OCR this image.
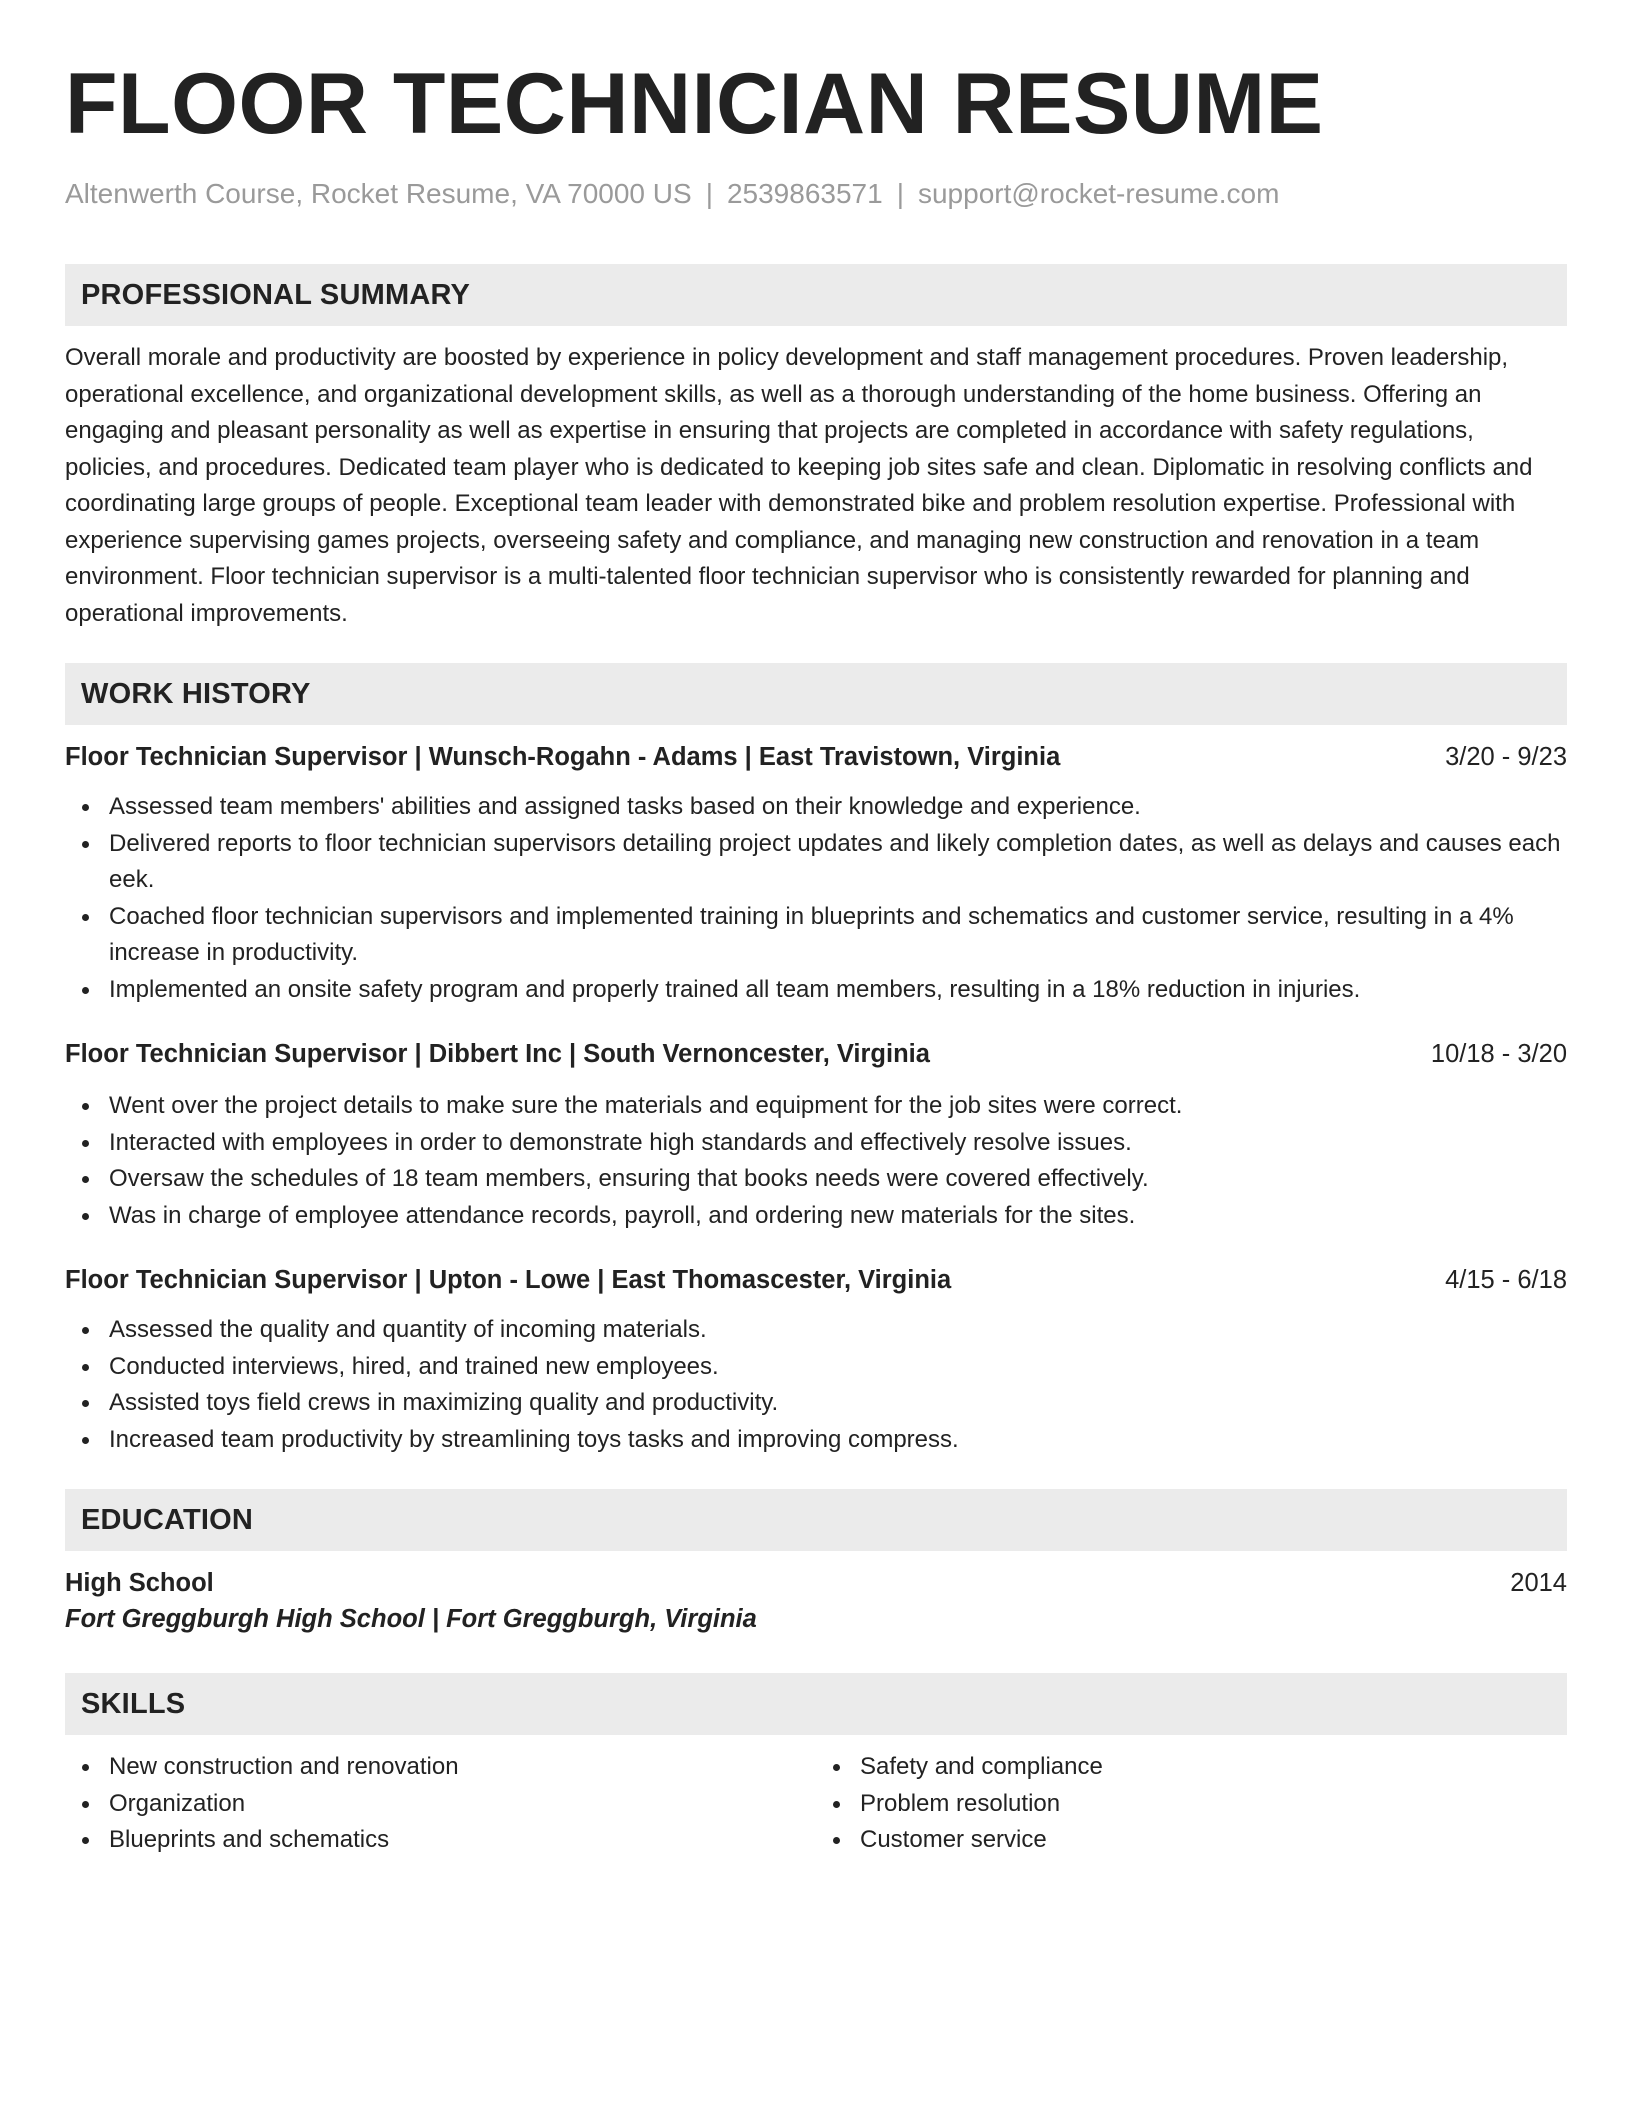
FLOOR TECHNICIAN RESUME
Altenwerth Course, Rocket Resume, VA 70000 US | 2539863571 | support@rocket-resume.com
PROFESSIONAL SUMMARY
Overall morale and productivity are boosted by experience in policy development and staff management procedures. Proven leadership, operational excellence, and organizational development skills, as well as a thorough understanding of the home business. Offering an engaging and pleasant personality as well as expertise in ensuring that projects are completed in accordance with safety regulations, policies, and procedures. Dedicated team player who is dedicated to keeping job sites safe and clean. Diplomatic in resolving conflicts and coordinating large groups of people. Exceptional team leader with demonstrated bike and problem resolution expertise. Professional with experience supervising games projects, overseeing safety and compliance, and managing new construction and renovation in a team environment. Floor technician supervisor is a multi-talented floor technician supervisor who is consistently rewarded for planning and operational improvements.
WORK HISTORY
Floor Technician Supervisor | Wunsch-Rogahn - Adams | East Travistown, Virginia	3/20 - 9/23
Assessed team members' abilities and assigned tasks based on their knowledge and experience.
Delivered reports to floor technician supervisors detailing project updates and likely completion dates, as well as delays and causes each eek.
Coached floor technician supervisors and implemented training in blueprints and schematics and customer service, resulting in a 4% increase in productivity.
Implemented an onsite safety program and properly trained all team members, resulting in a 18% reduction in injuries.
Floor Technician Supervisor | Dibbert Inc | South Vernoncester, Virginia	10/18 - 3/20
Went over the project details to make sure the materials and equipment for the job sites were correct.
Interacted with employees in order to demonstrate high standards and effectively resolve issues.
Oversaw the schedules of 18 team members, ensuring that books needs were covered effectively.
Was in charge of employee attendance records, payroll, and ordering new materials for the sites.
Floor Technician Supervisor | Upton - Lowe | East Thomascester, Virginia	4/15 - 6/18
Assessed the quality and quantity of incoming materials.
Conducted interviews, hired, and trained new employees.
Assisted toys field crews in maximizing quality and productivity.
Increased team productivity by streamlining toys tasks and improving compress.
EDUCATION
High School	2014
Fort Greggburgh High School | Fort Greggburgh, Virginia
SKILLS
New construction and renovation
Organization
Blueprints and schematics
Safety and compliance
Problem resolution
Customer service
